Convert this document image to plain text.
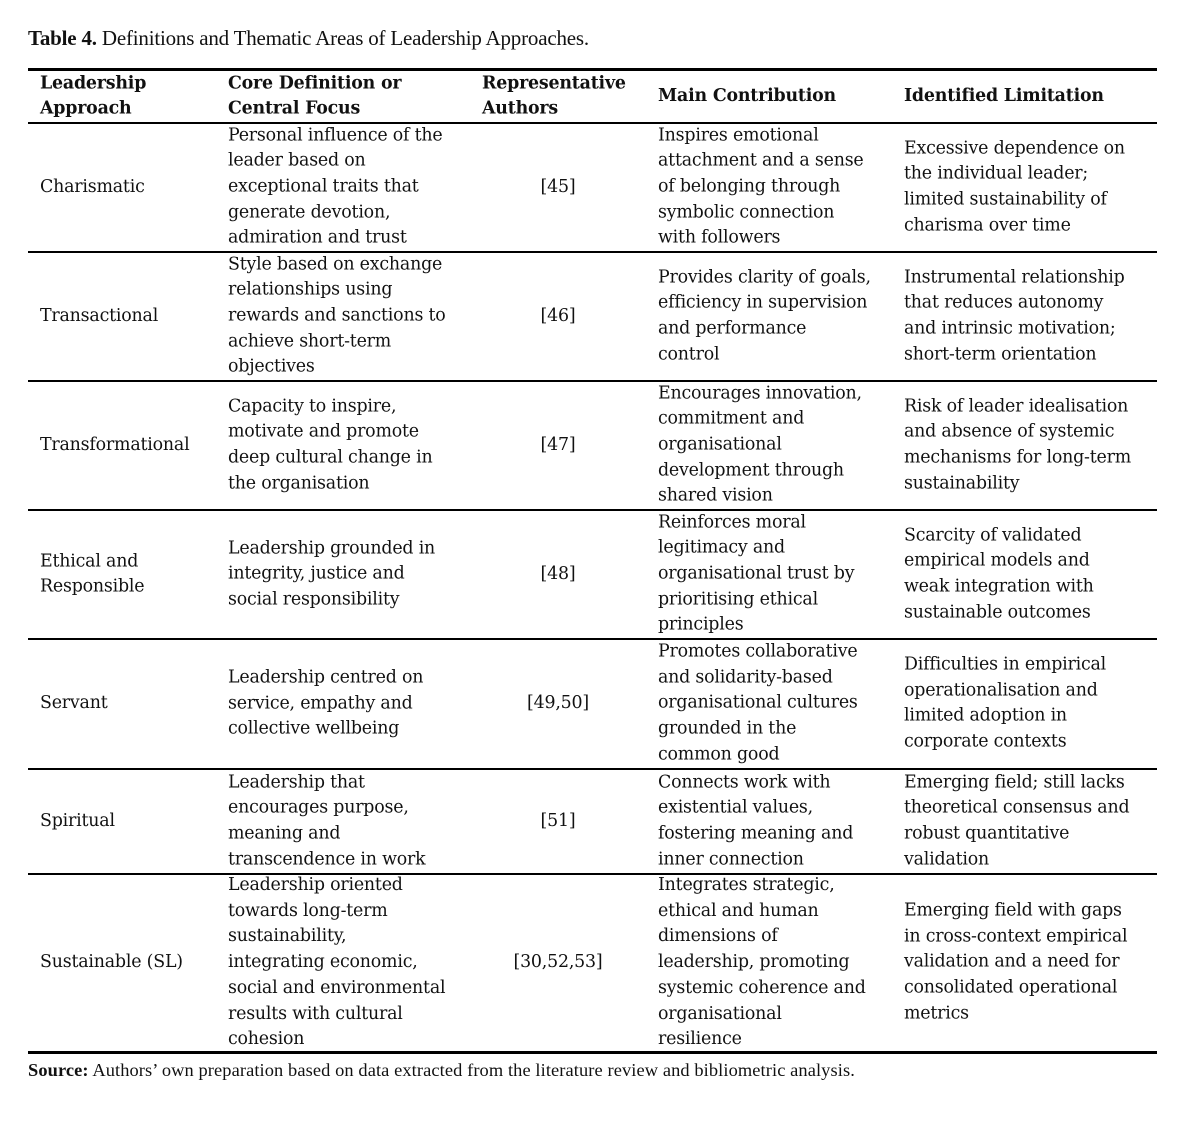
Table 4. Definitions and Thematic Areas of Leadership Approaches.
Leadership
Approach
Core Definition or
Central Focus
Representative
Authors
Main Contribution	Identified Limitation
Charismatic
Personal influence of the
leader based on
exceptional traits that
generate devotion,
admiration and trust
[45]
Inspires emotional
attachment and a sense
of belonging through
symbolic connection
with followers
Excessive dependence on
the individual leader;
limited sustainability of
charisma over time
Transactional
Style based on exchange
relationships using
rewards and sanctions to
achieve short-term
objectives
[46]
Provides clarity of goals,
efficiency in supervision
and performance
control
Instrumental relationship
that reduces autonomy
and intrinsic motivation;
short-term orientation
Transformational
Capacity to inspire,
motivate and promote
deep cultural change in
the organisation
[47]
Encourages innovation,
commitment and
organisational
development through
shared vision
Risk of leader idealisation
and absence of systemic
mechanisms for long-term
sustainability
Ethical and
Responsible
Leadership grounded in
integrity, justice and
social responsibility
[48]
Reinforces moral
legitimacy and
organisational trust by
prioritising ethical
principles
Scarcity of validated
empirical models and
weak integration with
sustainable outcomes
Servant
Leadership centred on
service, empathy and
collective wellbeing
[49,50]
Promotes collaborative
and solidarity-based
organisational cultures
grounded in the
common good
Difficulties in empirical
operationalisation and
limited adoption in
corporate contexts
Spiritual
Leadership that
encourages purpose,
meaning and
transcendence in work
[51]
Connects work with
existential values,
fostering meaning and
inner connection
Emerging field; still lacks
theoretical consensus and
robust quantitative
validation
Sustainable (SL)
Leadership oriented
towards long-term
sustainability,
integrating economic,
social and environmental
results with cultural
cohesion
[30,52,53]
Integrates strategic,
ethical and human
dimensions of
leadership, promoting
systemic coherence and
organisational
resilience
Emerging field with gaps
in cross-context empirical
validation and a need for
consolidated operational
metrics
Source: Authors’ own preparation based on data extracted from the literature review and bibliometric analysis.
